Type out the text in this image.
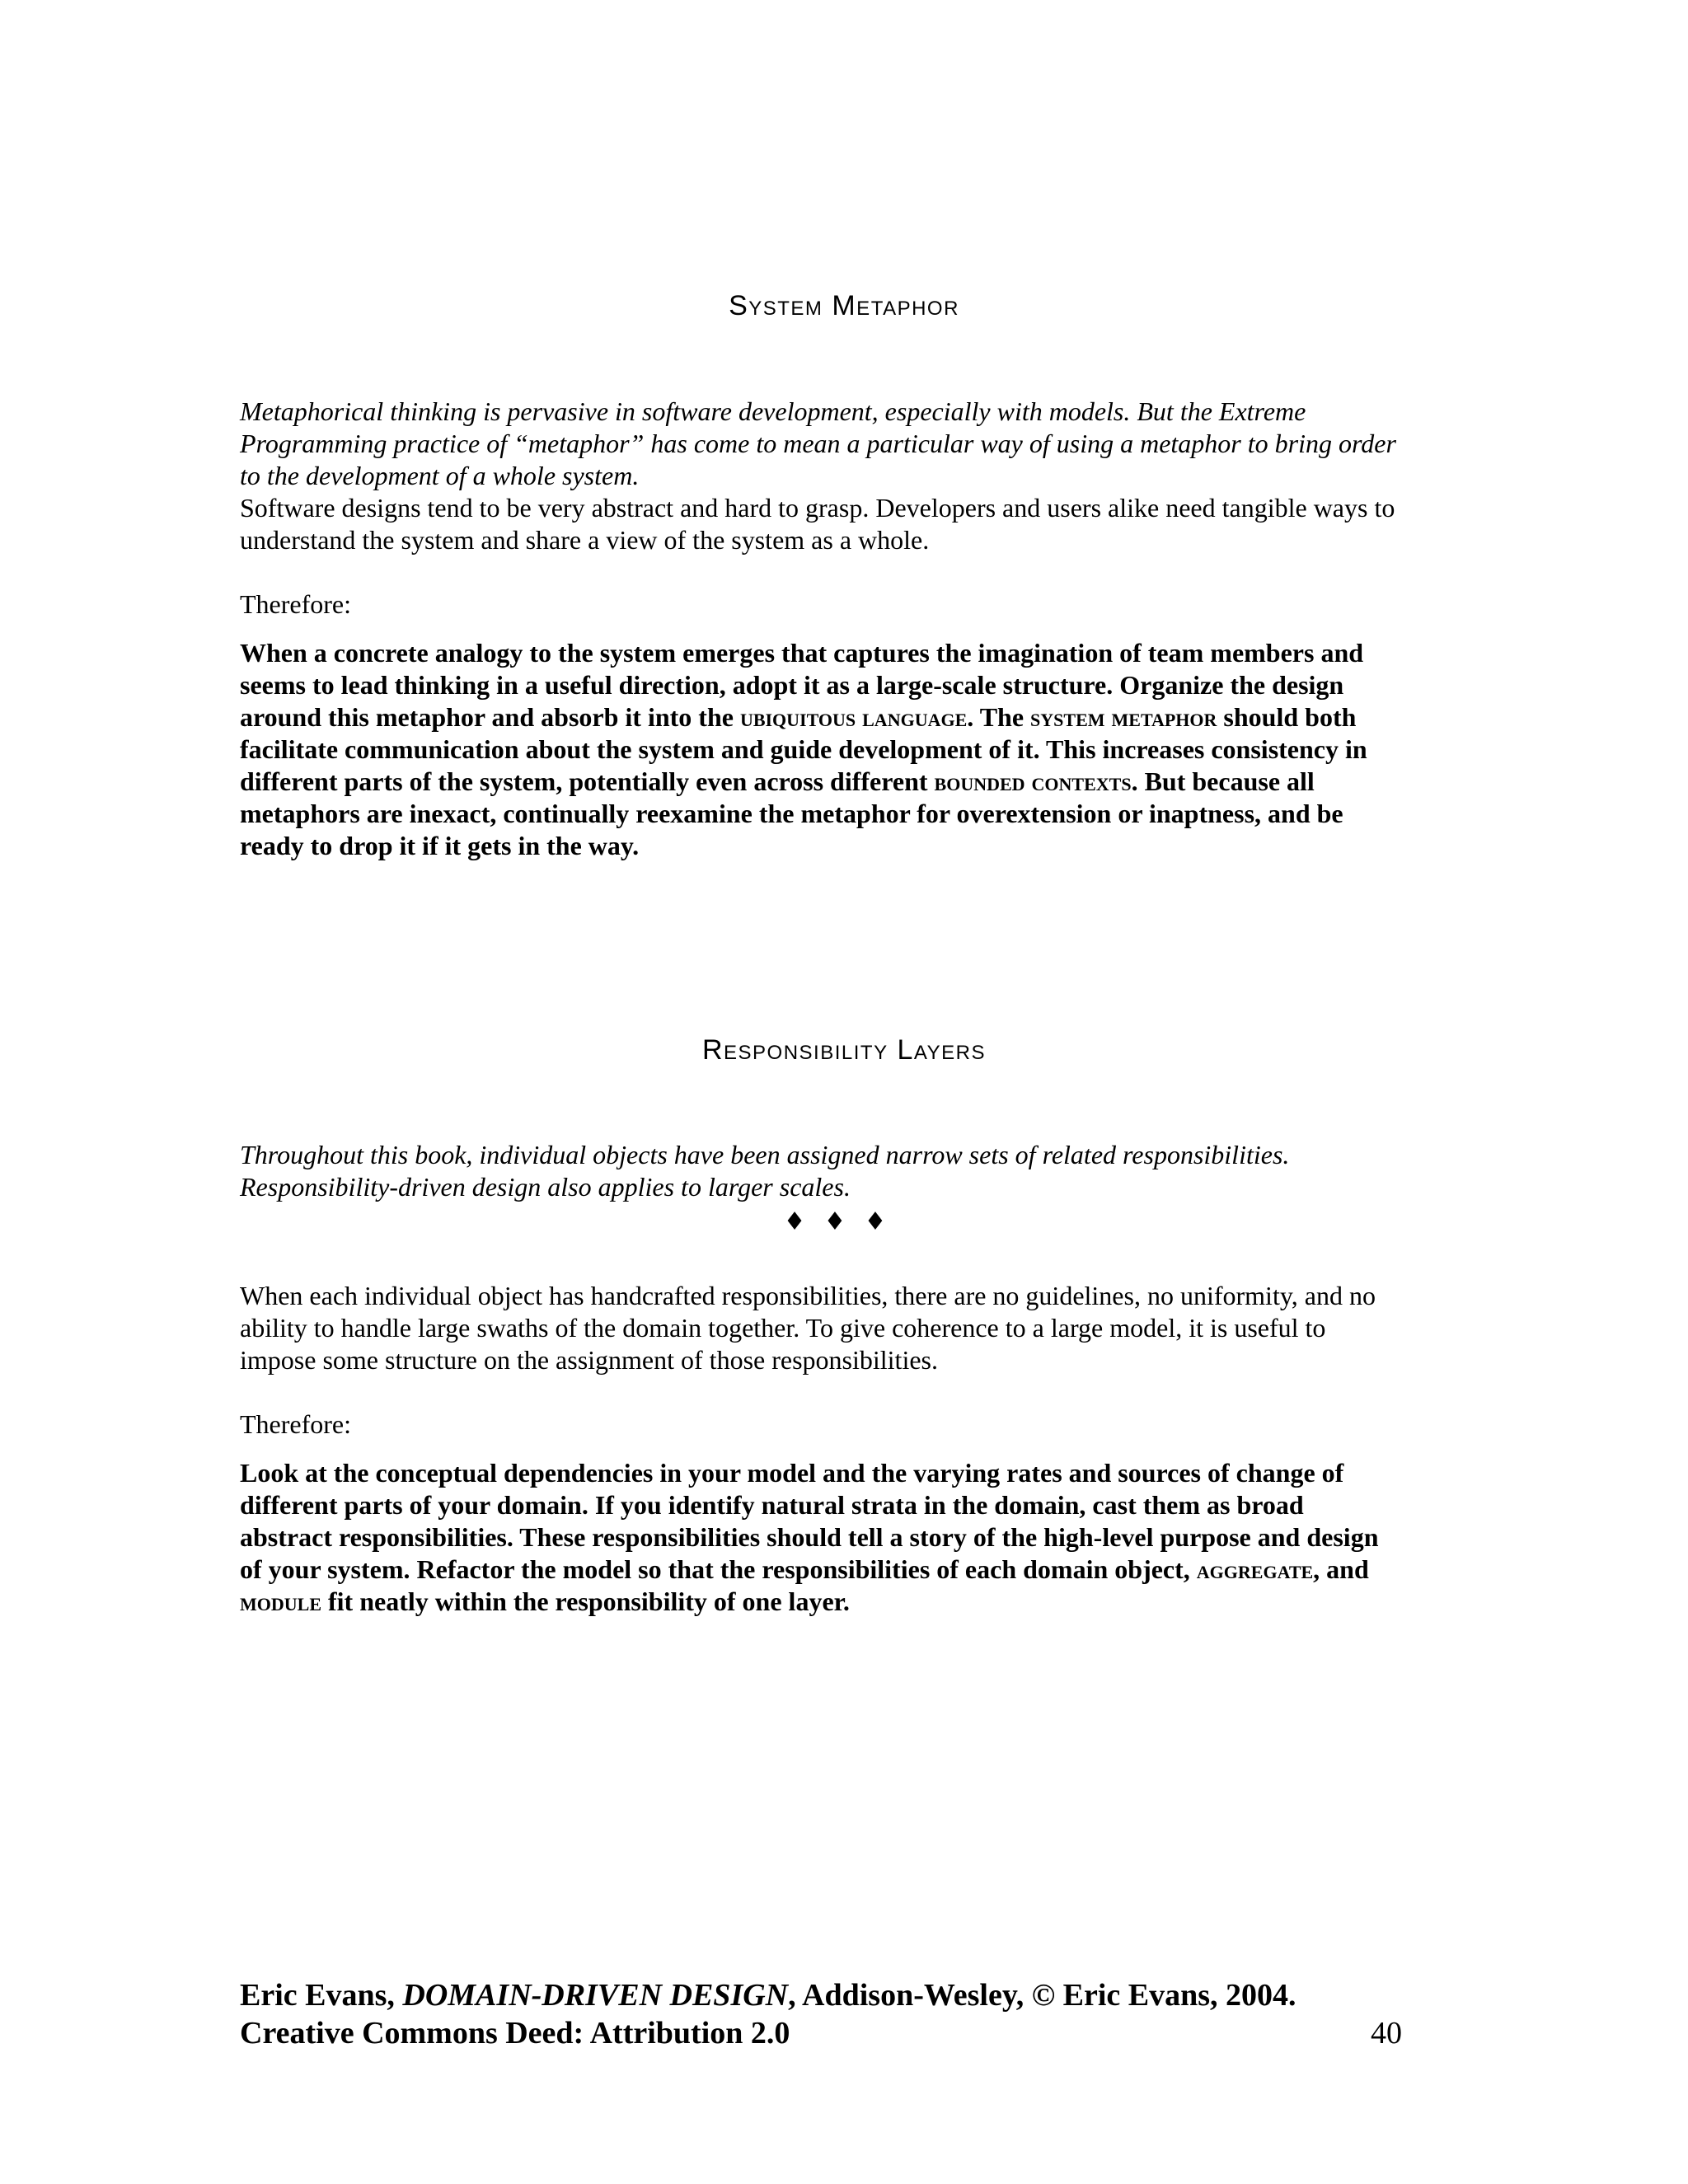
System Metaphor

Metaphorical thinking is pervasive in software development, especially with models. But the Extreme Programming practice of “metaphor” has come to mean a particular way of using a metaphor to bring order to the development of a whole system.

Software designs tend to be very abstract and hard to grasp. Developers and users alike need tangible ways to understand the system and share a view of the system as a whole.

Therefore:

When a concrete analogy to the system emerges that captures the imagination of team members and seems to lead thinking in a useful direction, adopt it as a large-scale structure. Organize the design around this metaphor and absorb it into the ubiquitous language. The system metaphor should both facilitate communication about the system and guide development of it. This increases consistency in different parts of the system, potentially even across different bounded contexts. But because all metaphors are inexact, continually reexamine the metaphor for overextension or inaptness, and be ready to drop it if it gets in the way.

Responsibility Layers

Throughout this book, individual objects have been assigned narrow sets of related responsibilities. Responsibility-driven design also applies to larger scales.

♦♦♦

When each individual object has handcrafted responsibilities, there are no guidelines, no uniformity, and no ability to handle large swaths of the domain together. To give coherence to a large model, it is useful to impose some structure on the assignment of those responsibilities.

Therefore:

Look at the conceptual dependencies in your model and the varying rates and sources of change of different parts of your domain. If you identify natural strata in the domain, cast them as broad abstract responsibilities. These responsibilities should tell a story of the high-level purpose and design of your system. Refactor the model so that the responsibilities of each domain object, aggregate, and module fit neatly within the responsibility of one layer.

Eric Evans, DOMAIN-DRIVEN DESIGN, Addison-Wesley, © Eric Evans, 2004.
Creative Commons Deed: Attribution 2.0	40
